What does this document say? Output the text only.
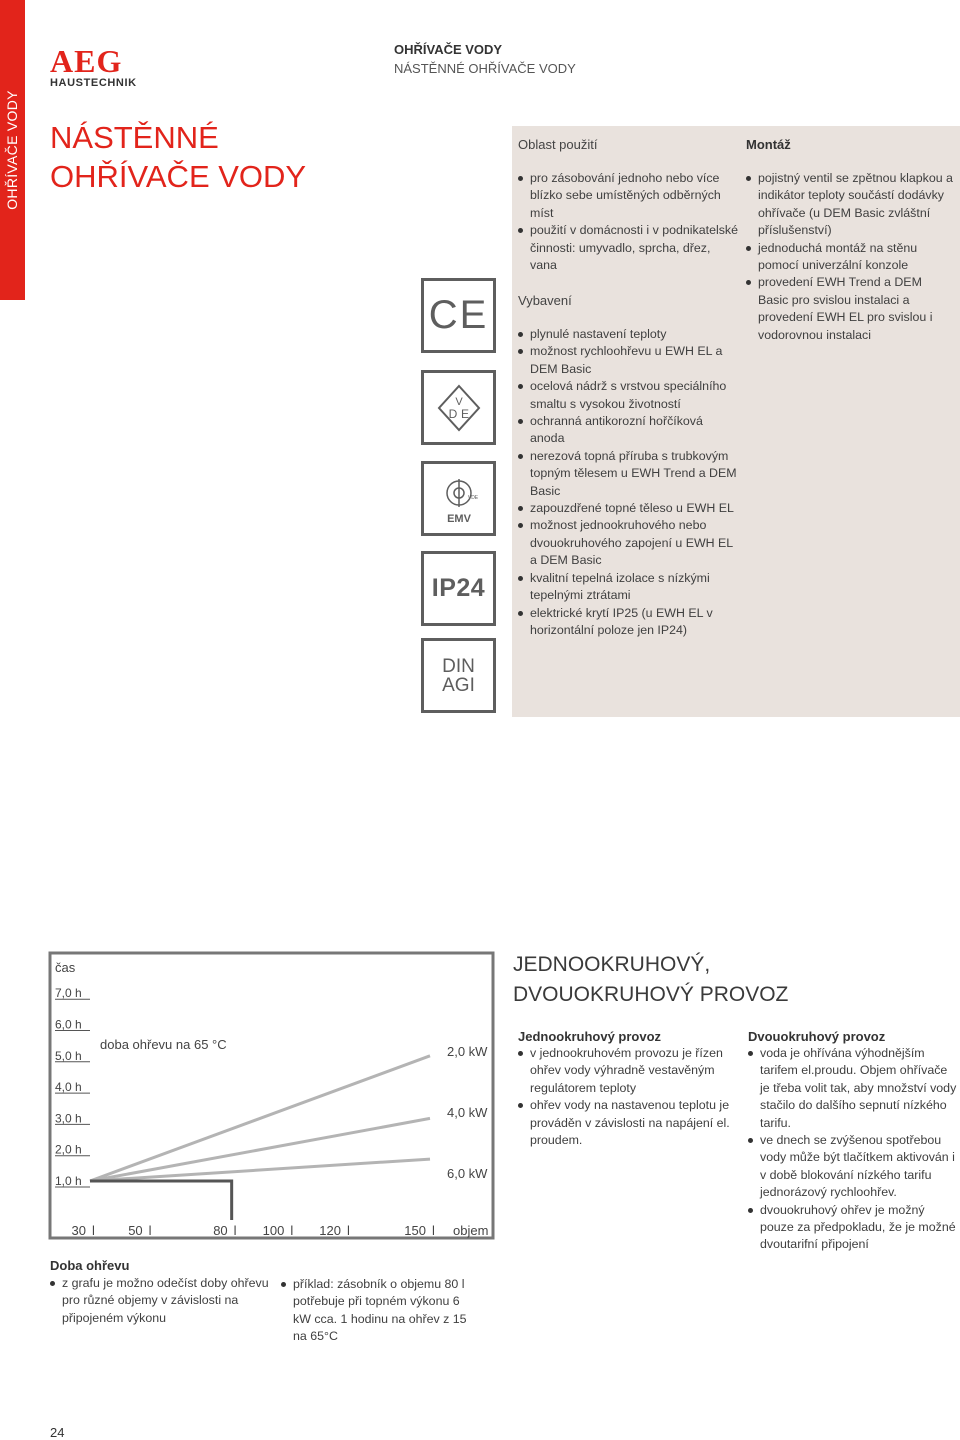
OHŘÍVAČE VODY
AEG
HAUSTECHNIK
OHŘÍVAČE VODY
NÁSTĚNNÉ OHŘÍVAČE VODY
NÁSTĚNNÉ
OHŘÍVAČE VODY
CE
V
D E
VDE
EMV
IP24
DIN
AGI
Oblast použití
pro zásobování jednoho nebo více blízko sebe umístěných odběrných míst
použití v domácnosti i v podnikatelské činnosti: umyvadlo, sprcha, dřez, vana
Vybavení
plynulé nastavení teploty
možnost rychloohřevu u EWH EL a DEM Basic
ocelová nádrž s vrstvou speciálního smaltu s vysokou životností
ochranná antikorozní hořčíková anoda
nerezová topná příruba s trubkovým topným tělesem u EWH Trend a DEM Basic
zapouzdřené topné těleso u EWH EL
možnost jednookruhového nebo dvouokruhového zapojení u EWH EL a DEM Basic
kvalitní tepelná izolace s nízkými tepelnými ztrátami
elektrické krytí IP25 (u EWH EL v horizontální poloze jen IP24)
Montáž
pojistný ventil se zpětnou klapkou a indikátor teploty součástí dodávky ohřívače (u DEM Basic zvláštní příslušenství)
jednoduchá montáž na stěnu pomocí univerzální konzole
provedení EWH Trend a DEM Basic pro svislou instalaci a provedení EWH EL pro svislou i vodorovnou instalaci
7,0 h
6,0 h
5,0 h
4,0 h
3,0 h
2,0 h
1,0 h
30 l	50 l	80 l 100 l 120 l	150 l
čas
doba ohřevu na 65 °C	2,0 kW
4,0 kW
6,0 kW
objem
Doba ohřevu
z grafu je možno odečíst doby ohřevu pro různé objemy v závislosti na připojeném výkonu
příklad: zásobník o objemu 80 l potřebuje při topném výkonu 6 kW cca. 1 hodinu na ohřev z 15 na 65°C
JEDNOOKRUHOVÝ,
DVOUOKRUHOVÝ PROVOZ
Jednookruhový provoz
v jednookruhovém provozu je řízen ohřev vody výhradně vestavěným regulátorem teploty
ohřev vody na nastavenou teplotu je prováděn v závislosti na napájení el. proudem.
Dvouokruhový provoz
voda je ohřívána výhodnějším tarifem el.proudu. Objem ohřívače je třeba volit tak, aby množství vody stačilo do dalšího sepnutí nízkého tarifu.
ve dnech se zvýšenou spotřebou vody může být tlačítkem aktivován i v době blokování nízkého tarifu jednorázový rychloohřev.
dvouokruhový ohřev je možný pouze za předpokladu, že je možné dvoutarifní připojení
24
